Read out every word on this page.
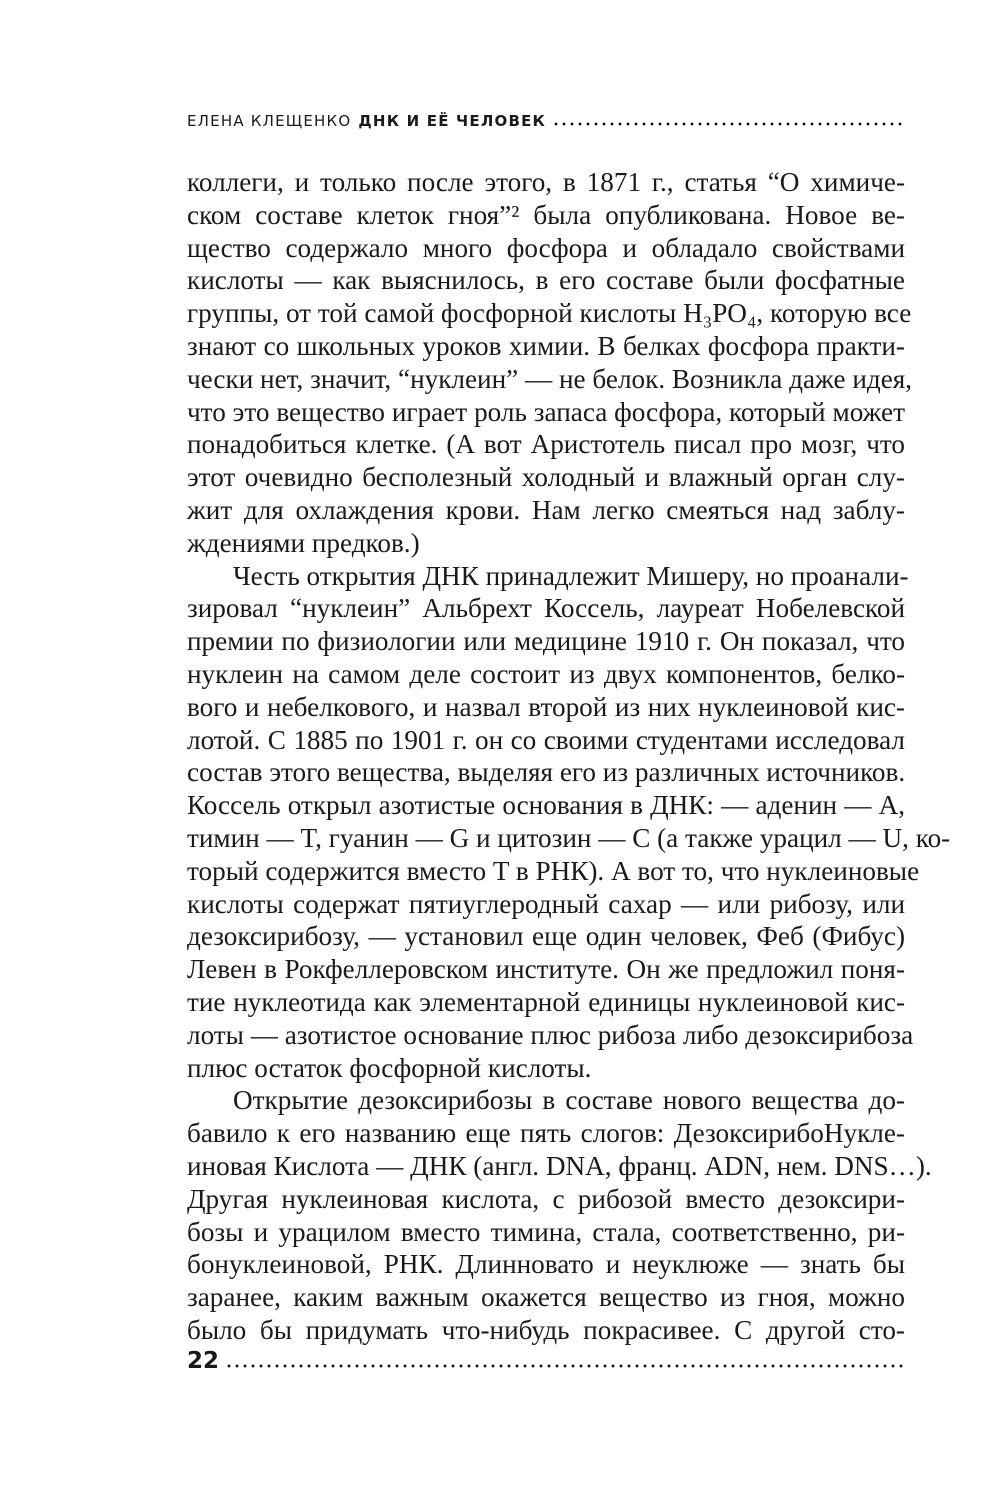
ЕЛЕНА КЛЕЩЕНКО ДНК И ЕЁ ЧЕЛОВЕК
коллеги, и только после этого, в 1871 г., статья “О химиче-
ском составе клеток гноя”² была опубликована. Новое ве-
щество содержало много фосфора и обладало свойствами
кислоты — как выяснилось, в его составе были фосфатные
группы, от той самой фосфорной кислоты H₃PO₄, которую все
знают со школьных уроков химии. В белках фосфора практи-
чески нет, значит, “нуклеин” — не белок. Возникла даже идея,
что это вещество играет роль запаса фосфора, который может
понадобиться клетке. (А вот Аристотель писал про мозг, что
этот очевидно бесполезный холодный и влажный орган слу-
жит для охлаждения крови. Нам легко смеяться над заблу-
ждениями предков.)
Честь открытия ДНК принадлежит Мишеру, но проанали-
зировал “нуклеин” Альбрехт Коссель, лауреат Нобелевской
премии по физиологии или медицине 1910 г. Он показал, что
нуклеин на самом деле состоит из двух компонентов, белко-
вого и небелкового, и назвал второй из них нуклеиновой кис-
лотой. С 1885 по 1901 г. он со своими студентами исследовал
состав этого вещества, выделяя его из различных источников.
Коссель открыл азотистые основания в ДНК: — аденин — A,
тимин — T, гуанин — G и цитозин — C (а также урацил — U, ко-
торый содержится вместо T в РНК). А вот то, что нуклеиновые
кислоты содержат пятиуглеродный сахар — или рибозу, или
дезоксирибозу, — установил еще один человек, Феб (Фибус)
Левен в Рокфеллеровском институте. Он же предложил поня-
тие нуклеотида как элементарной единицы нуклеиновой кис-
лоты — азотистое основание плюс рибоза либо дезоксирибоза
плюс остаток фосфорной кислоты.
Открытие дезоксирибозы в составе нового вещества до-
бавило к его названию еще пять слогов: ДезоксирибоНукле-
иновая Кислота — ДНК (англ. DNA, франц. ADN, нем. DNS…).
Другая нуклеиновая кислота, с рибозой вместо дезоксири-
бозы и урацилом вместо тимина, стала, соответственно, ри-
бонуклеиновой, РНК. Длинновато и неуклюже — знать бы
заранее, каким важным окажется вещество из гноя, можно
было бы придумать что-нибудь покрасивее. С другой сто-
22
